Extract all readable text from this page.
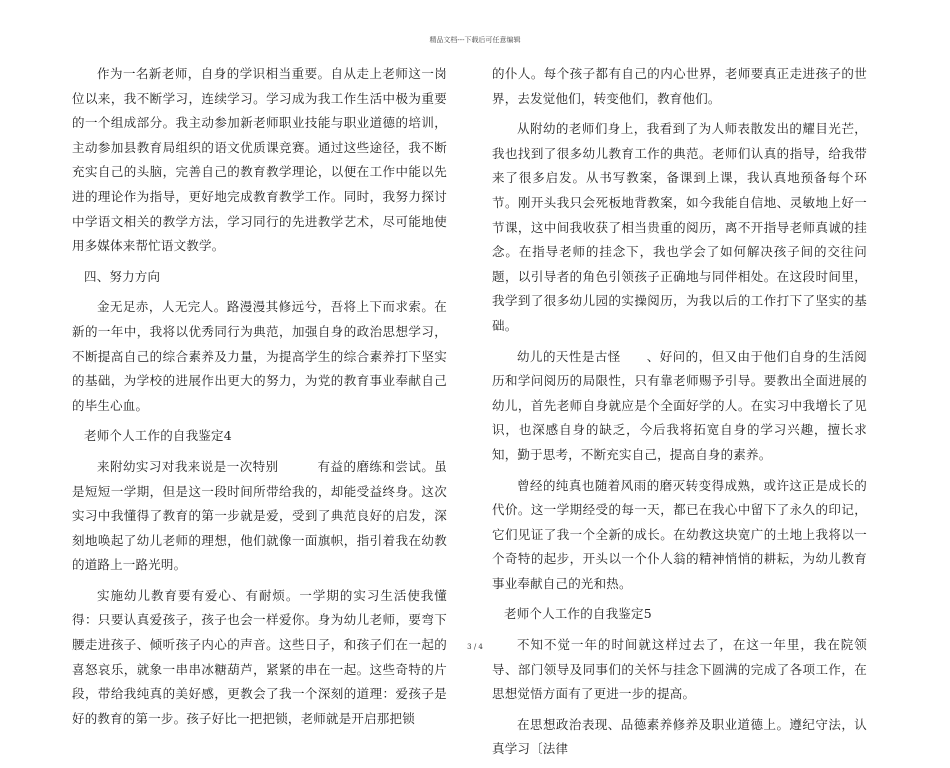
精品文档---下载后可任意编辑

作为一名新老师，自身的学识相当重要。自从走上老师这一岗位以来，我不断学习，连续学习。学习成为我工作生活中极为重要的一个组成部分。我主动参加新老师职业技能与职业道德的培训，主动参加县教育局组织的语文优质课竞赛。通过这些途径，我不断充实自己的头脑，完善自己的教育教学理论，以便在工作中能以先进的理论作为指导，更好地完成教育教学工作。同时，我努力探讨中学语文相关的教学方法，学习同行的先进教学艺术，尽可能地使用多媒体来帮忙语文教学。

四、努力方向

金无足赤，人无完人。路漫漫其修远兮，吾将上下而求索。在新的一年中，我将以优秀同行为典范，加强自身的政治思想学习，不断提高自己的综合素养及力量，为提高学生的综合素养打下坚实的基础，为学校的进展作出更大的努力，为党的教育事业奉献自己的毕生心血。

老师个人工作的自我鉴定4

来附幼实习对我来说是一次特别　　　有益的磨练和尝试。虽是短短一学期，但是这一段时间所带给我的，却能受益终身。这次实习中我懂得了教育的第一步就是爱，受到了典范良好的启发，深刻地唤起了幼儿老师的理想，他们就像一面旗帜，指引着我在幼教的道路上一路光明。

实施幼儿教育要有爱心、有耐烦。一学期的实习生活使我懂得：只要认真爱孩子，孩子也会一样爱你。身为幼儿老师，要弯下腰走进孩子、倾听孩子内心的声音。这些日子，和孩子们在一起的喜怒哀乐，就象一串串冰糖葫芦，紧紧的串在一起。这些奇特的片段，带给我纯真的美好感，更教会了我一个深刻的道理：爱孩子是好的教育的第一步。孩子好比一把把锁，老师就是开启那把锁

的仆人。每个孩子都有自己的内心世界，老师要真正走进孩子的世界，去发觉他们，转变他们，教育他们。

从附幼的老师们身上，我看到了为人师表散发出的耀目光芒，我也找到了很多幼儿教育工作的典范。老师们认真的指导，给我带来了很多启发。从书写教案，备课到上课，我认真地预备每个环节。刚开头我只会死板地背教案，如今我能自信地、灵敏地上好一节课，这中间我收获了相当贵重的阅历，离不开指导老师真诚的挂念。在指导老师的挂念下，我也学会了如何解决孩子间的交往问题，以引导者的角色引领孩子正确地与同伴相处。在这段时间里，我学到了很多幼儿园的实操阅历，为我以后的工作打下了坚实的基础。

幼儿的天性是古怪　　、好问的，但又由于他们自身的生活阅历和学问阅历的局限性，只有靠老师赐予引导。要教出全面进展的幼儿，首先老师自身就应是个全面好学的人。在实习中我增长了见识，也深感自身的缺乏，今后我将拓宽自身的学习兴趣，擅长求知，勤于思考，不断充实自己，提高自身的素养。

曾经的纯真也随着风雨的磨灭转变得成熟，或许这正是成长的代价。这一学期经受的每一天，都已在我心中留下了永久的印记，它们见证了我一个全新的成长。在幼教这块宽广的土地上我将以一个奇特的起步，开头以一个仆人翁的精神悄悄的耕耘，为幼儿教育事业奉献自己的光和热。

老师个人工作的自我鉴定5

不知不觉一年的时间就这样过去了，在这一年里，我在院领导、部门领导及同事们的关怀与挂念下圆满的完成了各项工作，在思想觉悟方面有了更进一步的提高。

在思想政治表现、品德素养修养及职业道德上。遵纪守法，认真学习〔法律

3 / 4
